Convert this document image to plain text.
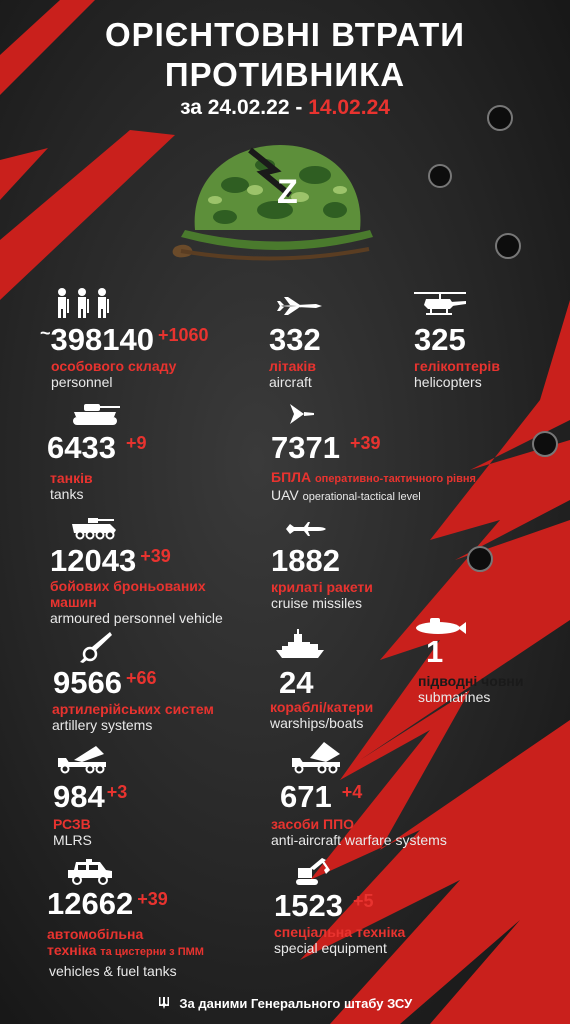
ОРІЄНТОВНІ ВТРАТИ
ПРОТИВНИКА
за 24.02.22 - 14.02.24
Z
~398140 $^{+1060}$
особового складу
personnel
332
літаків
aircraft
325
гелікоптерів
helicopters
6433 $^{+9}$
танків
tanks
7371 $^{+39}$
БПЛА оперативно-тактичного рівня
UAV operational-tactical level
12043 $^{+39}$
бойових броньованих
машин
armoured personnel vehicle
1882
крилаті ракети
cruise missiles
1
підводні човни
submarines
9566 $^{+66}$
артилерійських систем
artillery systems
24
кораблі/катери
warships/boats
984 $^{+3}$
РСЗВ
MLRS
671 $^{+4}$
засоби ППО
anti-aircraft warfare systems
12662 $^{+39}$
автомобільна
техніка та цистерни з ПММ
vehicles & fuel tanks
1523 $^{+5}$
спеціальна техніка
special equipment
За даними Генерального штабу ЗСУ
